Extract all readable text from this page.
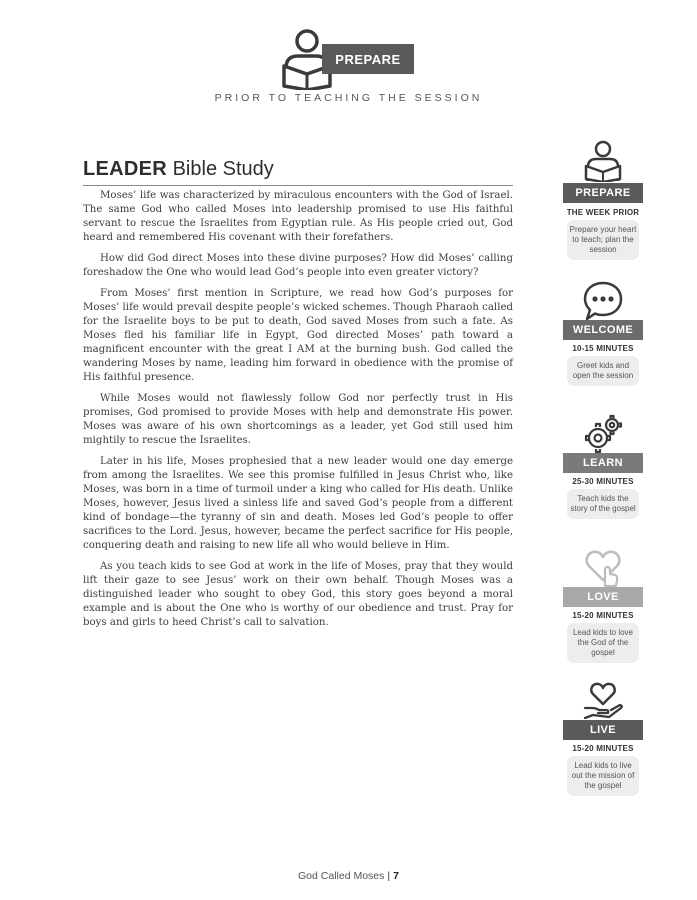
PREPARE
PRIOR TO TEACHING THE SESSION
LEADER Bible Study

Moses’ life was characterized by miraculous encounters with the God of Israel. The same God who called Moses into leadership promised to use His faithful servant to rescue the Israelites from Egyptian rule. As His people cried out, God heard and remembered His covenant with their forefathers.

How did God direct Moses into these divine purposes? How did Moses’ calling foreshadow the One who would lead God’s people into even greater victory?

From Moses’ first mention in Scripture, we read how God’s purposes for Moses’ life would prevail despite people’s wicked schemes. Though Pharaoh called for the Israelite boys to be put to death, God saved Moses from such a fate. As Moses fled his familiar life in Egypt, God directed Moses’ path toward a magnificent encounter with the great I AM at the burning bush. God called the wandering Moses by name, leading him forward in obedience with the promise of His faithful presence.

While Moses would not flawlessly follow God nor perfectly trust in His promises, God promised to provide Moses with help and demonstrate His power. Moses was aware of his own shortcomings as a leader, yet God still used him mightily to rescue the Israelites.

Later in his life, Moses prophesied that a new leader would one day emerge from among the Israelites. We see this promise fulfilled in Jesus Christ who, like Moses, was born in a time of turmoil under a king who called for His death. Unlike Moses, however, Jesus lived a sinless life and saved God’s people from a different kind of bondage—the tyranny of sin and death. Moses led God’s people to offer sacrifices to the Lord. Jesus, however, became the perfect sacrifice for His people, conquering death and raising to new life all who would believe in Him.

As you teach kids to see God at work in the life of Moses, pray that they would lift their gaze to see Jesus’ work on their own behalf. Though Moses was a distinguished leader who sought to obey God, this story goes beyond a moral example and is about the One who is worthy of our obedience and trust. Pray for boys and girls to heed Christ’s call to salvation.

PREPARE
THE WEEK PRIOR
Prepare your heart to teach; plan the session
WELCOME
10-15 MINUTES
Greet kids and open the session
LEARN
25-30 MINUTES
Teach kids the story of the gospel
LOVE
15-20 MINUTES
Lead kids to love the God of the gospel
LIVE
15-20 MINUTES
Lead kids to live out the mission of the gospel
God Called Moses | 7
